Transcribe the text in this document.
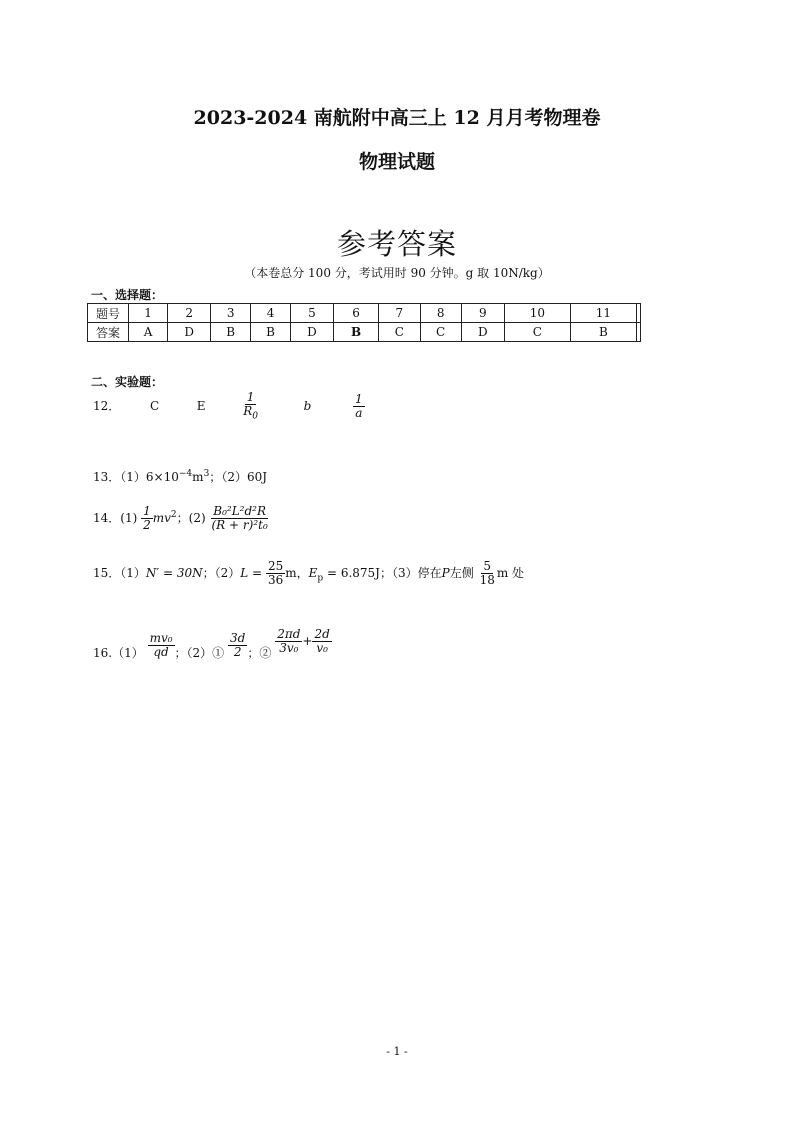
2023-2024 南航附中高三上 12 月月考物理卷
物理试题
参考答案
（本卷总分 100 分，考试用时 90 分钟。g 取 10N/kg）
一、选择题：
题号	1	2	3	4	5	6	7	8	9	10	11	
答案	A	D	B	B	D	B	C	C	D	C	B	
二、实验题：
12． C	E	$\frac{1}{R_0}$	b	$\frac{1}{a}$
13．$(1)6\times 10^{-4}m^3$；（2）60J
14．$(1) \frac{1}{2} mv^2$；$(2) \frac{\text{B₀²L²d²R}}{\text{(R + r)²t₀}}$
15．（1）N′ = 30N；$(2)L = \frac{25}{36}$ m，$E_p = 6.875J$；（3）停在P左侧 $\frac{5}{18}$ m 处
$16.(1) \frac{\text{mv₀}}{qd}$ ；（2）① $\frac{3d}{2}$ ；② $\frac{2\pi d}{\text{3v₀}} + \frac{2d}{\text{v₀}}$
- 1 -
